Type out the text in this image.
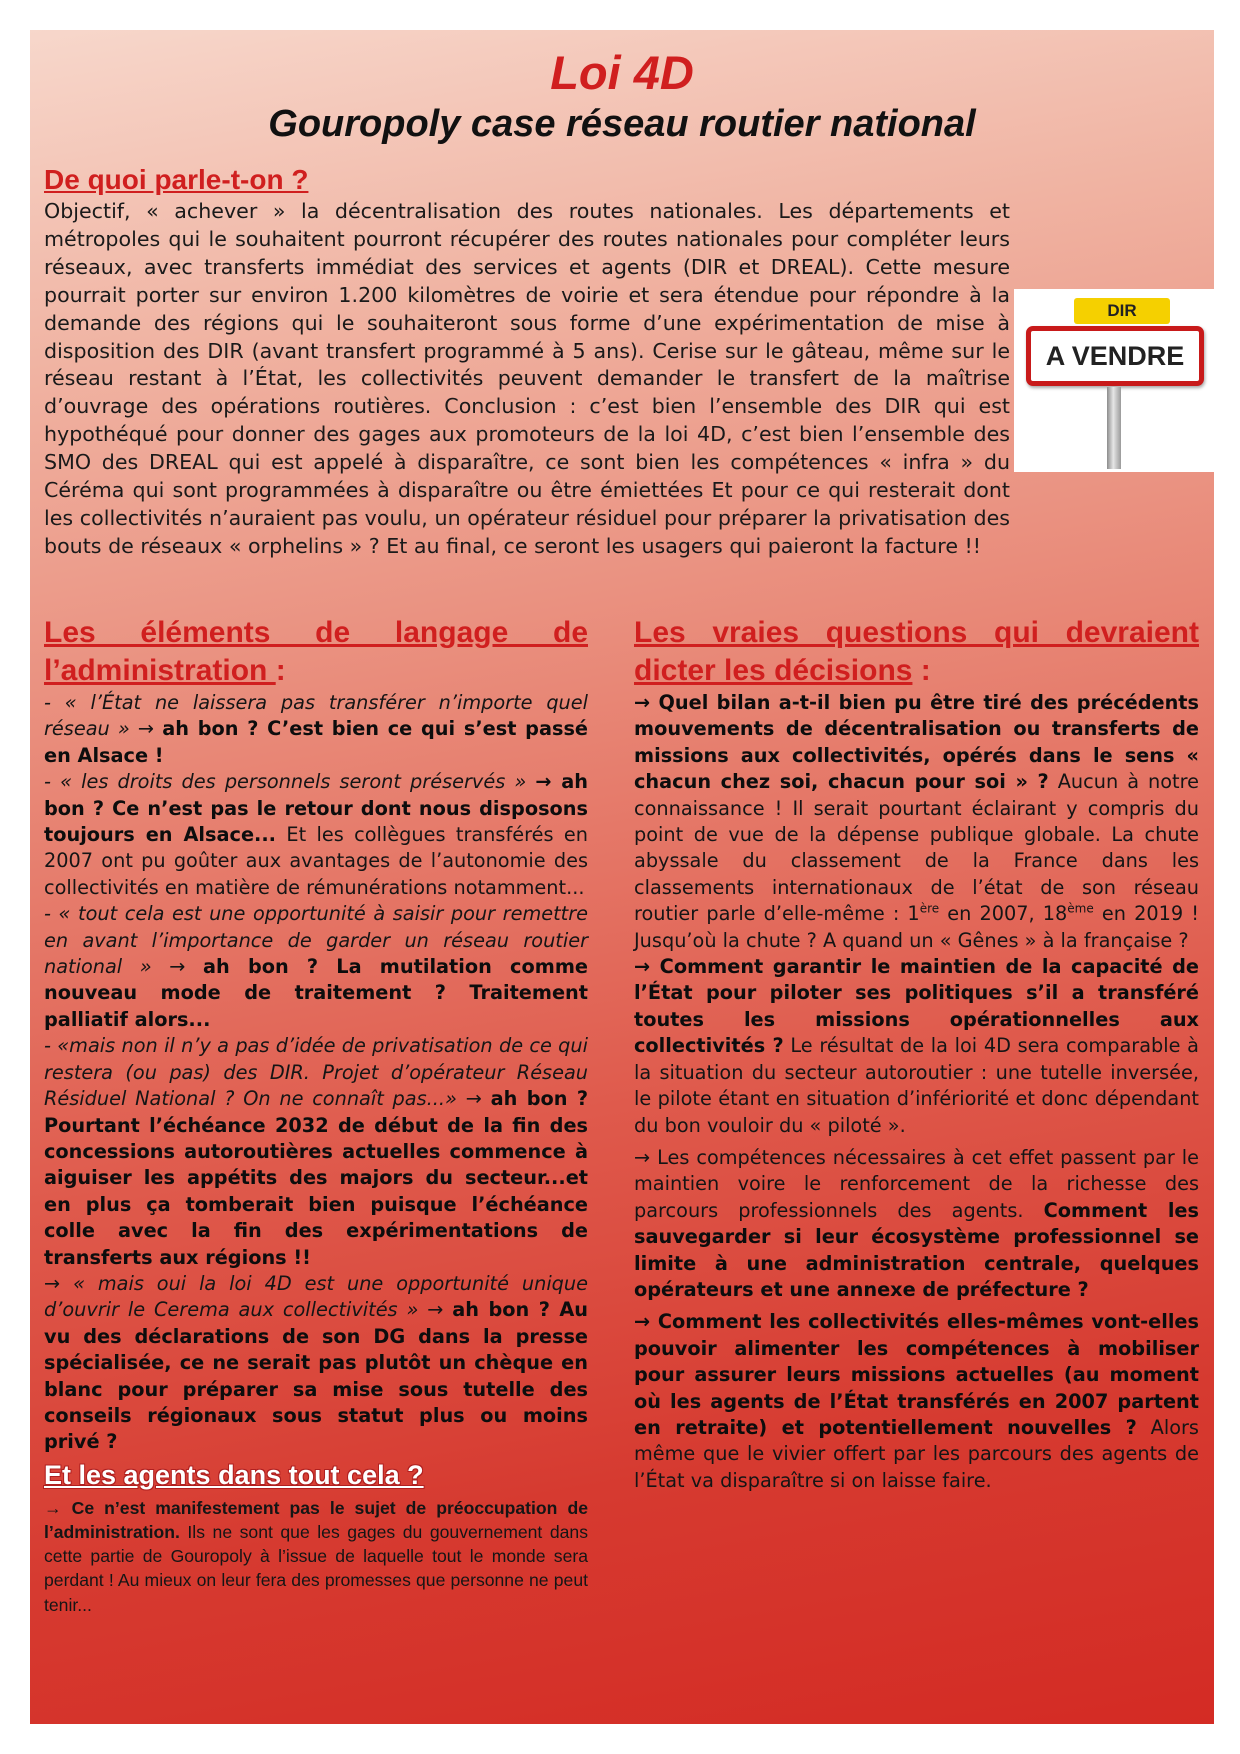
Loi 4D
Gouropoly case réseau routier national
De quoi parle-t-on ?

Objectif, « achever » la décentralisation des routes nationales. Les départements et métropoles qui le souhaitent pourront récupérer des routes nationales pour compléter leurs réseaux, avec transferts immédiat des services et agents (DIR et DREAL). Cette mesure pourrait porter sur environ 1.200 kilomètres de voirie et sera étendue pour répondre à la demande des régions qui le souhaiteront sous forme d’une expérimentation de mise à disposition des DIR (avant transfert programmé à 5 ans). Cerise sur le gâteau, même sur le réseau restant à l’État, les collectivités peuvent demander le transfert de la maîtrise d’ouvrage des opérations routières. Conclusion : c’est bien l’ensemble des DIR qui est hypothéqué pour donner des gages aux promoteurs de la loi 4D, c’est bien l’ensemble des SMO des DREAL qui est appelé à disparaître, ce sont bien les compétences « infra » du Céréma qui sont programmées à disparaître ou être émiettées Et pour ce qui resterait dont les collectivités n’auraient pas voulu, un opérateur résiduel pour préparer la privatisation des bouts de réseaux « orphelins » ? Et au final, ce seront les usagers qui paieront la facture !!

DIR
A VENDRE
Les éléments de langage de l’administration :

- « l’État ne laissera pas transférer n’importe quel réseau » → ah bon ? C’est bien ce qui s’est passé en Alsace !

- « les droits des personnels seront préservés » → ah bon ? Ce n’est pas le retour dont nous disposons toujours en Alsace... Et les collègues transférés en 2007 ont pu goûter aux avantages de l’autonomie des collectivités en matière de rémunérations notamment...

- « tout cela est une opportunité à saisir pour remettre en avant l’importance de garder un réseau routier national » → ah bon ? La mutilation comme nouveau mode de traitement ? Traitement palliatif alors...

- «mais non il n’y a pas d’idée de privatisation de ce qui restera (ou pas) des DIR. Projet d’opérateur Réseau Résiduel National ? On ne connaît pas...» → ah bon ? Pourtant l’échéance 2032 de début de la fin des concessions autoroutières actuelles commence à aiguiser les appétits des majors du secteur...et en plus ça tomberait bien puisque l’échéance colle avec la fin des expérimentations de transferts aux régions !!

→ « mais oui la loi 4D est une opportunité unique d’ouvrir le Cerema aux collectivités » → ah bon ? Au vu des déclarations de son DG dans la presse spécialisée, ce ne serait pas plutôt un chèque en blanc pour préparer sa mise sous tutelle des conseils régionaux sous statut plus ou moins privé ?

Et les agents dans tout cela ?

→ Ce n’est manifestement pas le sujet de préoccupation de l’administration. Ils ne sont que les gages du gouvernement dans cette partie de Gouropoly à l’issue de laquelle tout le monde sera perdant ! Au mieux on leur fera des promesses que personne ne peut tenir...

Les vraies questions qui devraient dicter les décisions :

→ Quel bilan a-t-il bien pu être tiré des précédents mouvements de décentralisation ou transferts de missions aux collectivités, opérés dans le sens « chacun chez soi, chacun pour soi » ? Aucun à notre connaissance ! Il serait pourtant éclairant y compris du point de vue de la dépense publique globale. La chute abyssale du classement de la France dans les classements internationaux de l’état de son réseau routier parle d’elle-même : 1ère en 2007, 18ème en 2019 ! Jusqu’où la chute ? A quand un « Gênes » à la française ?

→ Comment garantir le maintien de la capacité de l’État pour piloter ses politiques s’il a transféré toutes les missions opérationnelles aux collectivités ? Le résultat de la loi 4D sera comparable à la situation du secteur autoroutier : une tutelle inversée, le pilote étant en situation d’infériorité et donc dépendant du bon vouloir du « piloté ».

→ Les compétences nécessaires à cet effet passent par le maintien voire le renforcement de la richesse des parcours professionnels des agents. Comment les sauvegarder si leur écosystème professionnel se limite à une administration centrale, quelques opérateurs et une annexe de préfecture ?

→ Comment les collectivités elles-mêmes vont-elles pouvoir alimenter les compétences à mobiliser pour assurer leurs missions actuelles (au moment où les agents de l’État transférés en 2007 partent en retraite) et potentiellement nouvelles ? Alors même que le vivier offert par les parcours des agents de l’État va disparaître si on laisse faire.
